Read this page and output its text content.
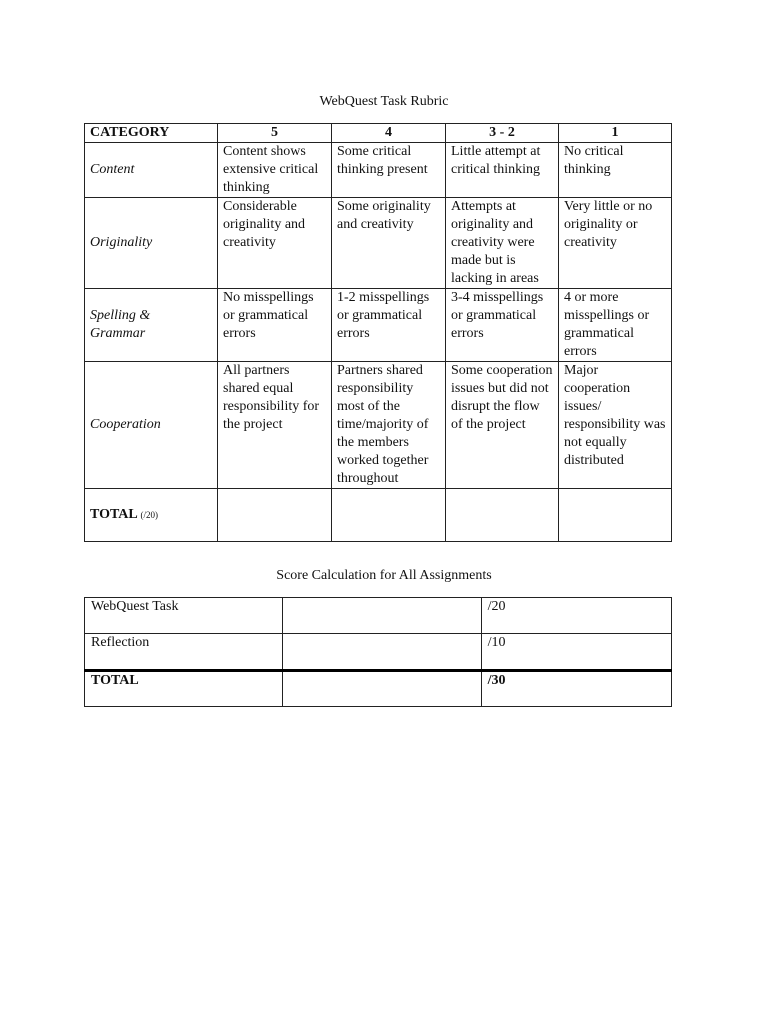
WebQuest Task Rubric
CATEGORY	5	4	3 - 2	1
Content	Content shows extensive critical thinking	Some critical thinking present	Little attempt at critical thinking	No critical thinking
Originality	Considerable originality and creativity	Some originality and creativity	Attempts at originality and creativity were made but is lacking in areas	Very little or no originality or creativity
Spelling & Grammar	No misspellings or grammatical errors	1-2 misspellings or grammatical errors	3-4 misspellings or grammatical errors	4 or more misspellings or grammatical errors
Cooperation	All partners shared equal responsibility for the project	Partners shared responsibility most of the time/majority of the members worked together throughout	Some cooperation issues but did not disrupt the flow of the project	Major cooperation issues/ responsibility was not equally distributed
TOTAL (/20)				
Score Calculation for All Assignments
WebQuest Task		/20
Reflection		/10
TOTAL		/30
